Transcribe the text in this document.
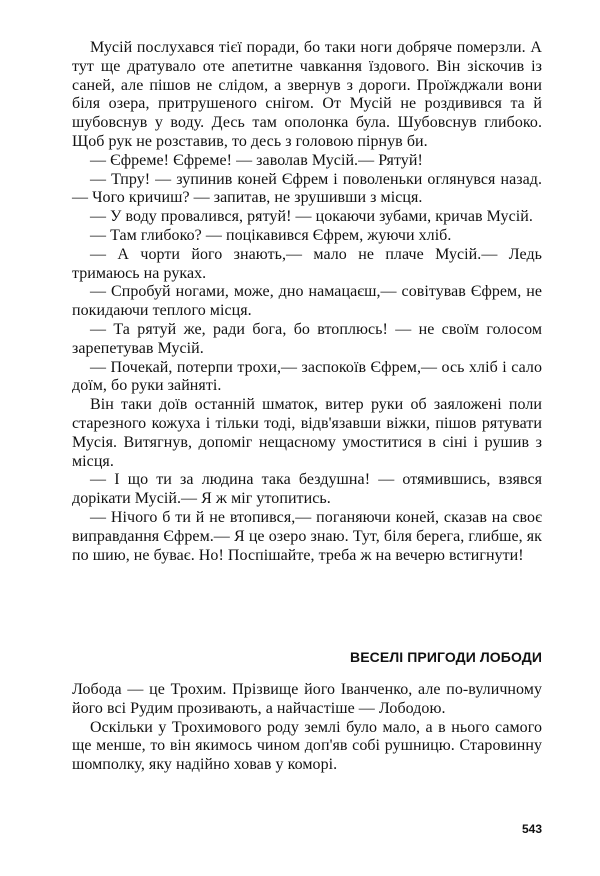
Мусій послухався тієї поради, бо таки ноги добряче померзли. А тут ще дратувало оте апетитне чавкання їздового. Він зіскочив із саней, але пішов не слідом, а звернув з дороги. Проїжджали вони біля озера, притрушеного снігом. От Мусій не роздивився та й шубовснув у воду. Десь там ополонка була. Шубовснув глибоко. Щоб рук не розставив, то десь з головою пірнув би.

— Єфреме! Єфреме! — заволав Мусій.— Рятуй!

— Тпру! — зупинив коней Єфрем і поволеньки оглянувся назад.— Чого кричиш? — запитав, не зрушивши з місця.

— У воду провалився, рятуй! — цокаючи зубами, кричав Мусій.

— Там глибоко? — поцікавився Єфрем, жуючи хліб.

— А чорти його знають,— мало не плаче Мусій.— Ледь тримаюсь на руках.

— Спробуй ногами, може, дно намацаєш,— совітував Єфрем, не покидаючи теплого місця.

— Та рятуй же, ради бога, бо втоплюсь! — не своїм голосом зарепетував Мусій.

— Почекай, потерпи трохи,— заспокоїв Єфрем,— ось хліб і сало доїм, бо руки зайняті.

Він таки доїв останній шматок, витер руки об заяложені поли старезного кожуха і тільки тоді, відв'язавши віжки, пішов рятувати Мусія. Витягнув, допоміг нещасному умоститися в сіні і рушив з місця.

— І що ти за людина така бездушна! — отямившись, взявся дорікати Мусій.— Я ж міг утопитись.

— Нічого б ти й не втопився,— поганяючи коней, сказав на своє виправдання Єфрем.— Я це озеро знаю. Тут, біля берега, глибше, як по шию, не буває. Но! Поспішайте, треба ж на вечерю встигнути!

ВЕСЕЛІ ПРИГОДИ ЛОБОДИ

Лобода — це Трохим. Прізвище його Іванченко, але по-вуличному його всі Рудим прозивають, а найчастіше — Лободою.

Оскільки у Трохимового роду землі було мало, а в нього самого ще менше, то він якимось чином доп'яв собі рушницю. Старовинну шомполку, яку надійно ховав у коморі.

543
